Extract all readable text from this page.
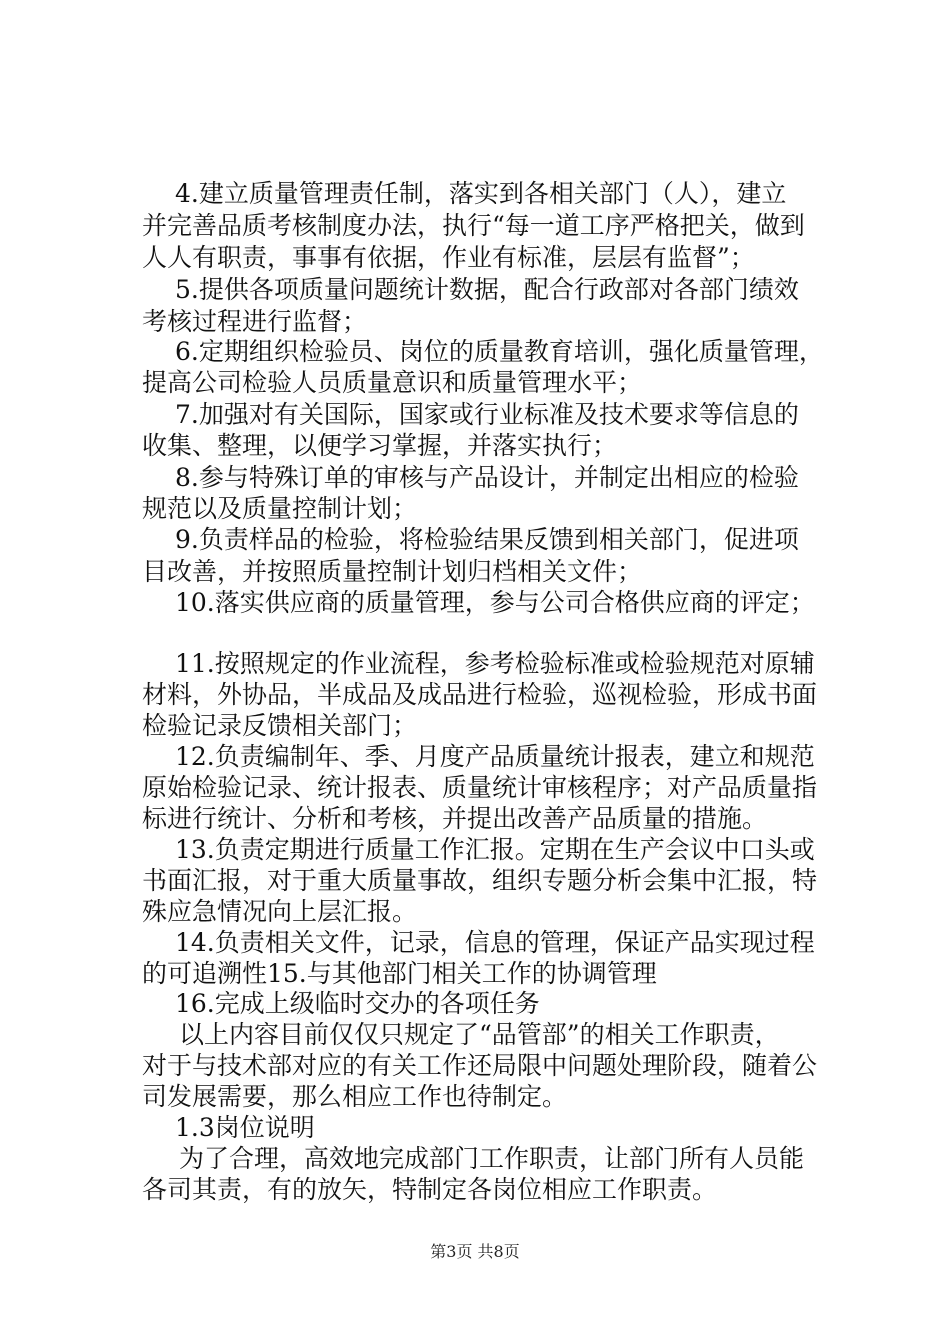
4.建立质量管理责任制，落实到各相关部门（人），建立
并完善品质考核制度办法，执行“每一道工序严格把关，做到
人人有职责，事事有依据，作业有标准，层层有监督”；
5.提供各项质量问题统计数据，配合行政部对各部门绩效
考核过程进行监督；
6.定期组织检验员、岗位的质量教育培训，强化质量管理，
提高公司检验人员质量意识和质量管理水平；
7.加强对有关国际，国家或行业标准及技术要求等信息的
收集、整理，以便学习掌握，并落实执行；
8.参与特殊订单的审核与产品设计，并制定出相应的检验
规范以及质量控制计划；
9.负责样品的检验，将检验结果反馈到相关部门，促进项
目改善，并按照质量控制计划归档相关文件；
10.落实供应商的质量管理，参与公司合格供应商的评定；
11.按照规定的作业流程，参考检验标准或检验规范对原辅
材料，外协品，半成品及成品进行检验，巡视检验，形成书面
检验记录反馈相关部门；
12.负责编制年、季、月度产品质量统计报表，建立和规范
原始检验记录、统计报表、质量统计审核程序；对产品质量指
标进行统计、分析和考核，并提出改善产品质量的措施。
13.负责定期进行质量工作汇报。定期在生产会议中口头或
书面汇报，对于重大质量事故，组织专题分析会集中汇报，特
殊应急情况向上层汇报。
14.负责相关文件，记录，信息的管理，保证产品实现过程
的可追溯性15.与其他部门相关工作的协调管理
16.完成上级临时交办的各项任务
以上内容目前仅仅只规定了“品管部”的相关工作职责，
对于与技术部对应的有关工作还局限中问题处理阶段，随着公
司发展需要，那么相应工作也待制定。
1.3岗位说明
为了合理，高效地完成部门工作职责，让部门所有人员能
各司其责，有的放矢，特制定各岗位相应工作职责。
第3页 共8页
